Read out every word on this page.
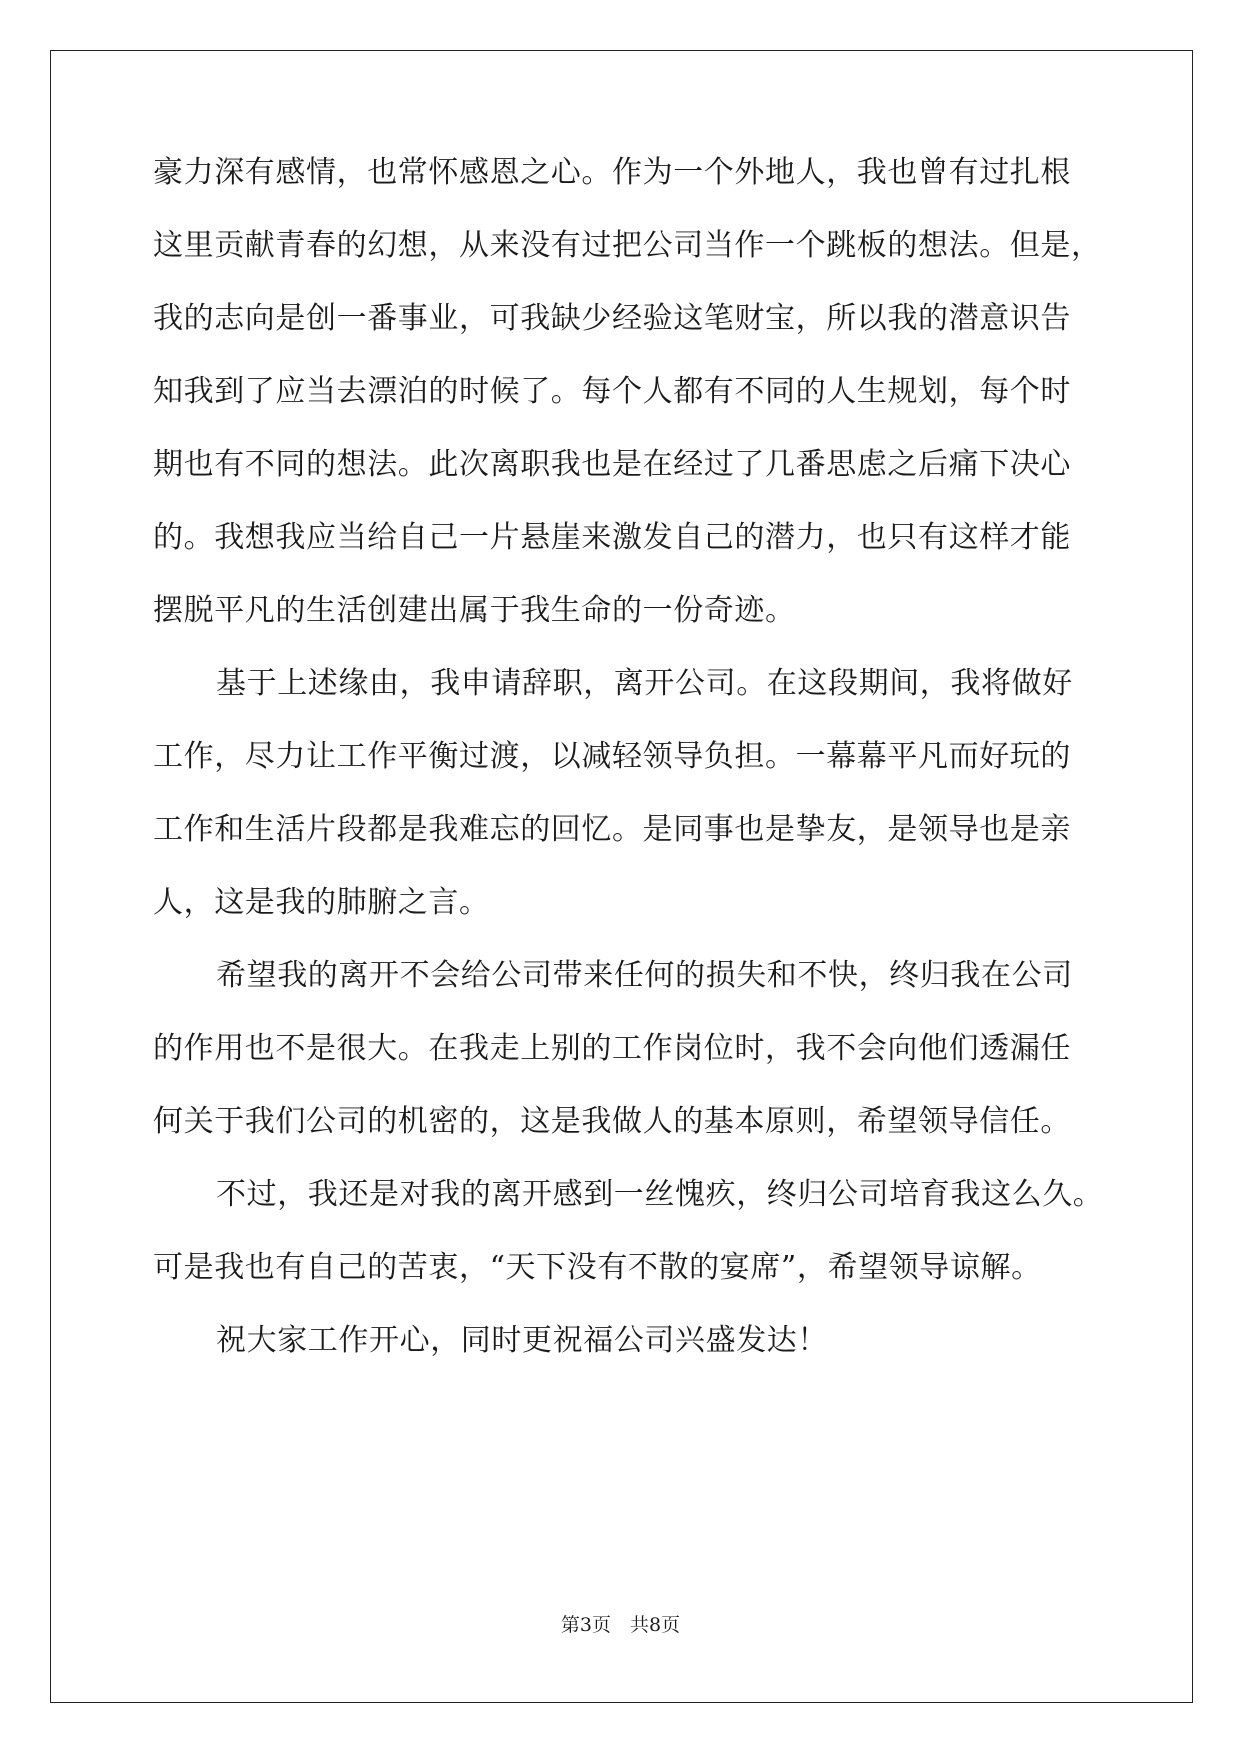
豪力深有感情，也常怀感恩之心。作为一个外地人，我也曾有过扎根
这里贡献青春的幻想，从来没有过把公司当作一个跳板的想法。但是，
我的志向是创一番事业，可我缺少经验这笔财宝，所以我的潜意识告
知我到了应当去漂泊的时候了。每个人都有不同的人生规划，每个时
期也有不同的想法。此次离职我也是在经过了几番思虑之后痛下决心
的。我想我应当给自己一片悬崖来激发自己的潜力，也只有这样才能
摆脱平凡的生活创建出属于我生命的一份奇迹。
基于上述缘由，我申请辞职，离开公司。在这段期间，我将做好
工作，尽力让工作平衡过渡，以减轻领导负担。一幕幕平凡而好玩的
工作和生活片段都是我难忘的回忆。是同事也是挚友，是领导也是亲
人，这是我的肺腑之言。
希望我的离开不会给公司带来任何的损失和不快，终归我在公司
的作用也不是很大。在我走上别的工作岗位时，我不会向他们透漏任
何关于我们公司的机密的，这是我做人的基本原则，希望领导信任。
不过，我还是对我的离开感到一丝愧疚，终归公司培育我这么久。
可是我也有自己的苦衷，“天下没有不散的宴席”，希望领导谅解。
祝大家工作开心，同时更祝福公司兴盛发达！
第3页　共8页
